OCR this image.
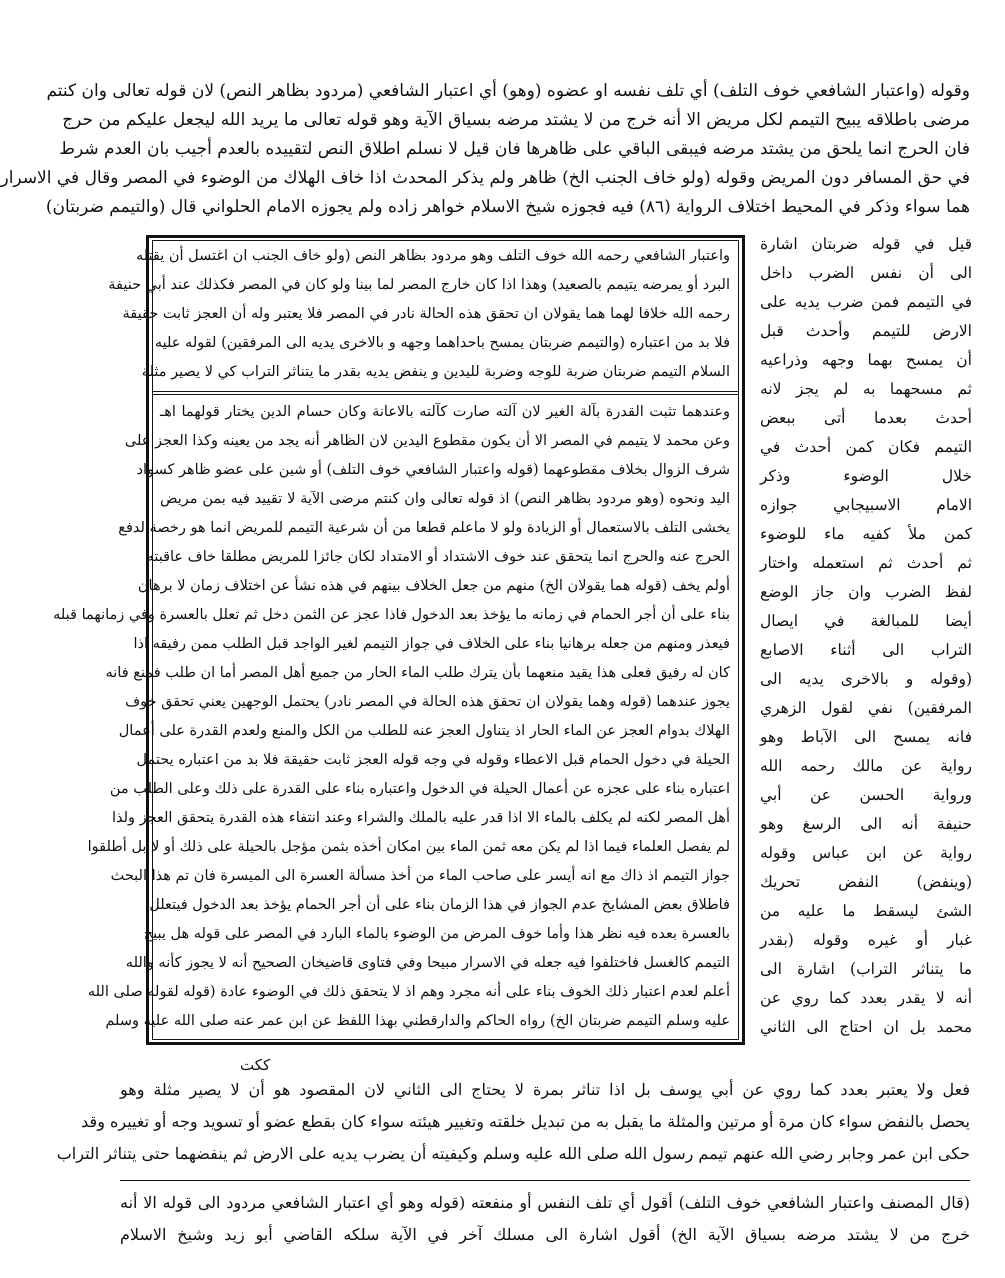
وقوله (واعتبار الشافعي خوف التلف) أي تلف نفسه او عضوه (وهو) أي اعتبار الشافعي (مردود بظاهر النص) لان قوله تعالى وان كنتم
مرضى باطلاقه يبيح التيمم لكل مريض الا أنه خرج من لا يشتد مرضه بسياق الآية وهو قوله تعالى ما يريد الله ليجعل عليكم من حرج
فان الحرج انما يلحق من يشتد مرضه فيبقى الباقي على ظاهرها فان قيل لا نسلم اطلاق النص لتقييده بالعدم أجيب بان العدم شرط
في حق المسافر دون المريض وقوله (ولو خاف الجنب الخ) ظاهر ولم يذكر المحدث اذا خاف الهلاك من الوضوء في المصر وقال في الاسرار
هما سواء وذكر في المحيط اختلاف الرواية (٨٦) فيه فجوزه شيخ الاسلام خواهر زاده ولم يجوزه الامام الحلواني قال (والتيمم ضربتان)
واعتبار الشافعي رحمه الله خوف التلف وهو مردود بظاهر النص (ولو خاف الجنب ان اغتسل أن يقتله
البرد أو يمرضه يتيمم بالصعيد) وهذا اذا كان خارج المصر لما بينا ولو كان في المصر فكذلك عند أبي حنيفة
رحمه الله خلافا لهما هما يقولان ان تحقق هذه الحالة نادر في المصر فلا يعتبر وله أن العجز ثابت حقيقة
فلا بد من اعتباره (والتيمم ضربتان يمسح باحداهما وجهه و بالاخرى يديه الى المرفقين) لقوله عليه
السلام التيمم ضربتان ضربة للوجه وضربة لليدين و ينفض يديه بقدر ما يتناثر التراب كي لا يصير مثلة
وعندهما تثبت القدرة بآلة الغير لان آلته صارت كآلته بالاعانة وكان حسام الدين يختار قولهما اهـ
وعن محمد لا يتيمم في المصر الا أن يكون مقطوع اليدين لان الظاهر أنه يجد من يعينه وكذا العجز على
شرف الزوال بخلاف مقطوعهما (قوله واعتبار الشافعي خوف التلف) أو شين على عضو ظاهر كسواد
اليد ونحوه (وهو مردود بظاهر النص) اذ قوله تعالى وان كنتم مرضى الآية لا تقييد فيه بمن مريض
يخشى التلف بالاستعمال أو الزيادة ولو لا ماعلم قطعا من أن شرعية التيمم للمريض انما هو رخصة لدفع
الحرج عنه والحرج انما يتحقق عند خوف الاشتداد أو الامتداد لكان جائزا للمريض مطلقا خاف عاقبته
أولم يخف (قوله هما يقولان الخ) منهم من جعل الخلاف بينهم في هذه نشأ عن اختلاف زمان لا برهان
بناء على أن أجر الحمام في زمانه ما يؤخذ بعد الدخول فاذا عجز عن الثمن دخل ثم تعلل بالعسرة وفي زمانهما قبله
فيعذر ومنهم من جعله برهانيا بناء على الخلاف في جواز التيمم لغير الواجد قبل الطلب ممن رفيقه اذا
كان له رفيق فعلى هذا يقيد منعهما بأن يترك طلب الماء الحار من جميع أهل المصر أما ان طلب فمنع فانه
يجوز عندهما (قوله وهما يقولان ان تحقق هذه الحالة في المصر نادر) يحتمل الوجهين يعني تحقق خوف
الهلاك بدوام العجز عن الماء الحار اذ يتناول العجز عنه للطلب من الكل والمنع ولعدم القدرة على أعمال
الحيلة في دخول الحمام قبل الاعطاء وقوله في وجه قوله العجز ثابت حقيقة فلا بد من اعتباره يحتمل
اعتباره بناء على عجزه عن أعمال الحيلة في الدخول واعتباره بناء على القدرة على ذلك وعلى الطلب من
أهل المصر لكنه لم يكلف بالماء الا اذا قدر عليه بالملك والشراء وعند انتفاء هذه القدرة يتحقق العجز ولذا
لم يفصل العلماء فيما اذا لم يكن معه ثمن الماء بين امكان أخذه بثمن مؤجل بالحيلة على ذلك أو لا بل أطلقوا
جواز التيمم اذ ذاك مع انه أيسر على صاحب الماء من أخذ مسألة العسرة الى الميسرة فان تم هذا البحث
فاطلاق بعض المشايخ عدم الجواز في هذا الزمان بناء على أن أجر الحمام يؤخذ بعد الدخول فيتعلل
بالعسرة بعده فيه نظر هذا وأما خوف المرض من الوضوء بالماء البارد في المصر على قوله هل يبيح
التيمم كالغسل فاختلفوا فيه جعله في الاسرار مبيحا وفي فتاوى قاضيخان الصحيح أنه لا يجوز كأنه والله
أعلم لعدم اعتبار ذلك الخوف بناء على أنه مجرد وهم اذ لا يتحقق ذلك في الوضوء عادة (قوله لقوله صلى الله
عليه وسلم التيمم ضربتان الخ) رواه الحاكم والدارقطني بهذا اللفظ عن ابن عمر عنه صلى الله عليه وسلم
قيل في قوله ضربتان اشارة
الى أن نفس الضرب داخل
في التيمم فمن ضرب يديه على
الارض للتيمم وأحدث قبل
أن يمسح بهما وجهه وذراعيه
ثم مسحهما به لم يجز لانه
أحدث بعدما أتى ببعض
التيمم فكان كمن أحدث في
خلال الوضوء وذكر
الامام الاسبيجابي جوازه
كمن ملأ كفيه ماء للوضوء
ثم أحدث ثم استعمله واختار
لفظ الضرب وان جاز الوضع
أيضا للمبالغة في ايصال
التراب الى أثناء الاصابع
(وقوله و بالاخرى يديه الى
المرفقين) نفي لقول الزهري
فانه يمسح الى الآباط وهو
رواية عن مالك رحمه الله
ورواية الحسن عن أبي
حنيفة أنه الى الرسغ وهو
رواية عن ابن عباس وقوله
(وينفض) النفض تحريك
الشئ ليسقط ما عليه من
غبار أو غيره وقوله (بقدر
ما يتناثر التراب) اشارة الى
أنه لا يقدر بعدد كما روي عن
محمد بل ان احتاج الى الثاني
ككت
فعل ولا يعتبر بعدد كما روي عن أبي يوسف بل اذا تناثر بمرة لا يحتاج الى الثاني لان المقصود هو أن لا يصير مثلة وهو
يحصل بالنفض سواء كان مرة أو مرتين والمثلة ما يقبل به من تبديل خلقته وتغيير هيئته سواء كان بقطع عضو أو تسويد وجه أو تغييره وقد
حكى ابن عمر وجابر رضي الله عنهم تيمم رسول الله صلى الله عليه وسلم وكيفيته أن يضرب يديه على الارض ثم ينفضهما حتى يتناثر التراب
(قال المصنف واعتبار الشافعي خوف التلف) أقول أي تلف النفس أو منفعته (قوله وهو أي اعتبار الشافعي مردود الى قوله الا أنه
خرج من لا يشتد مرضه بسياق الآية الخ) أقول اشارة الى مسلك آخر في الآية سلكه القاضي أبو زيد وشيخ الاسلام
